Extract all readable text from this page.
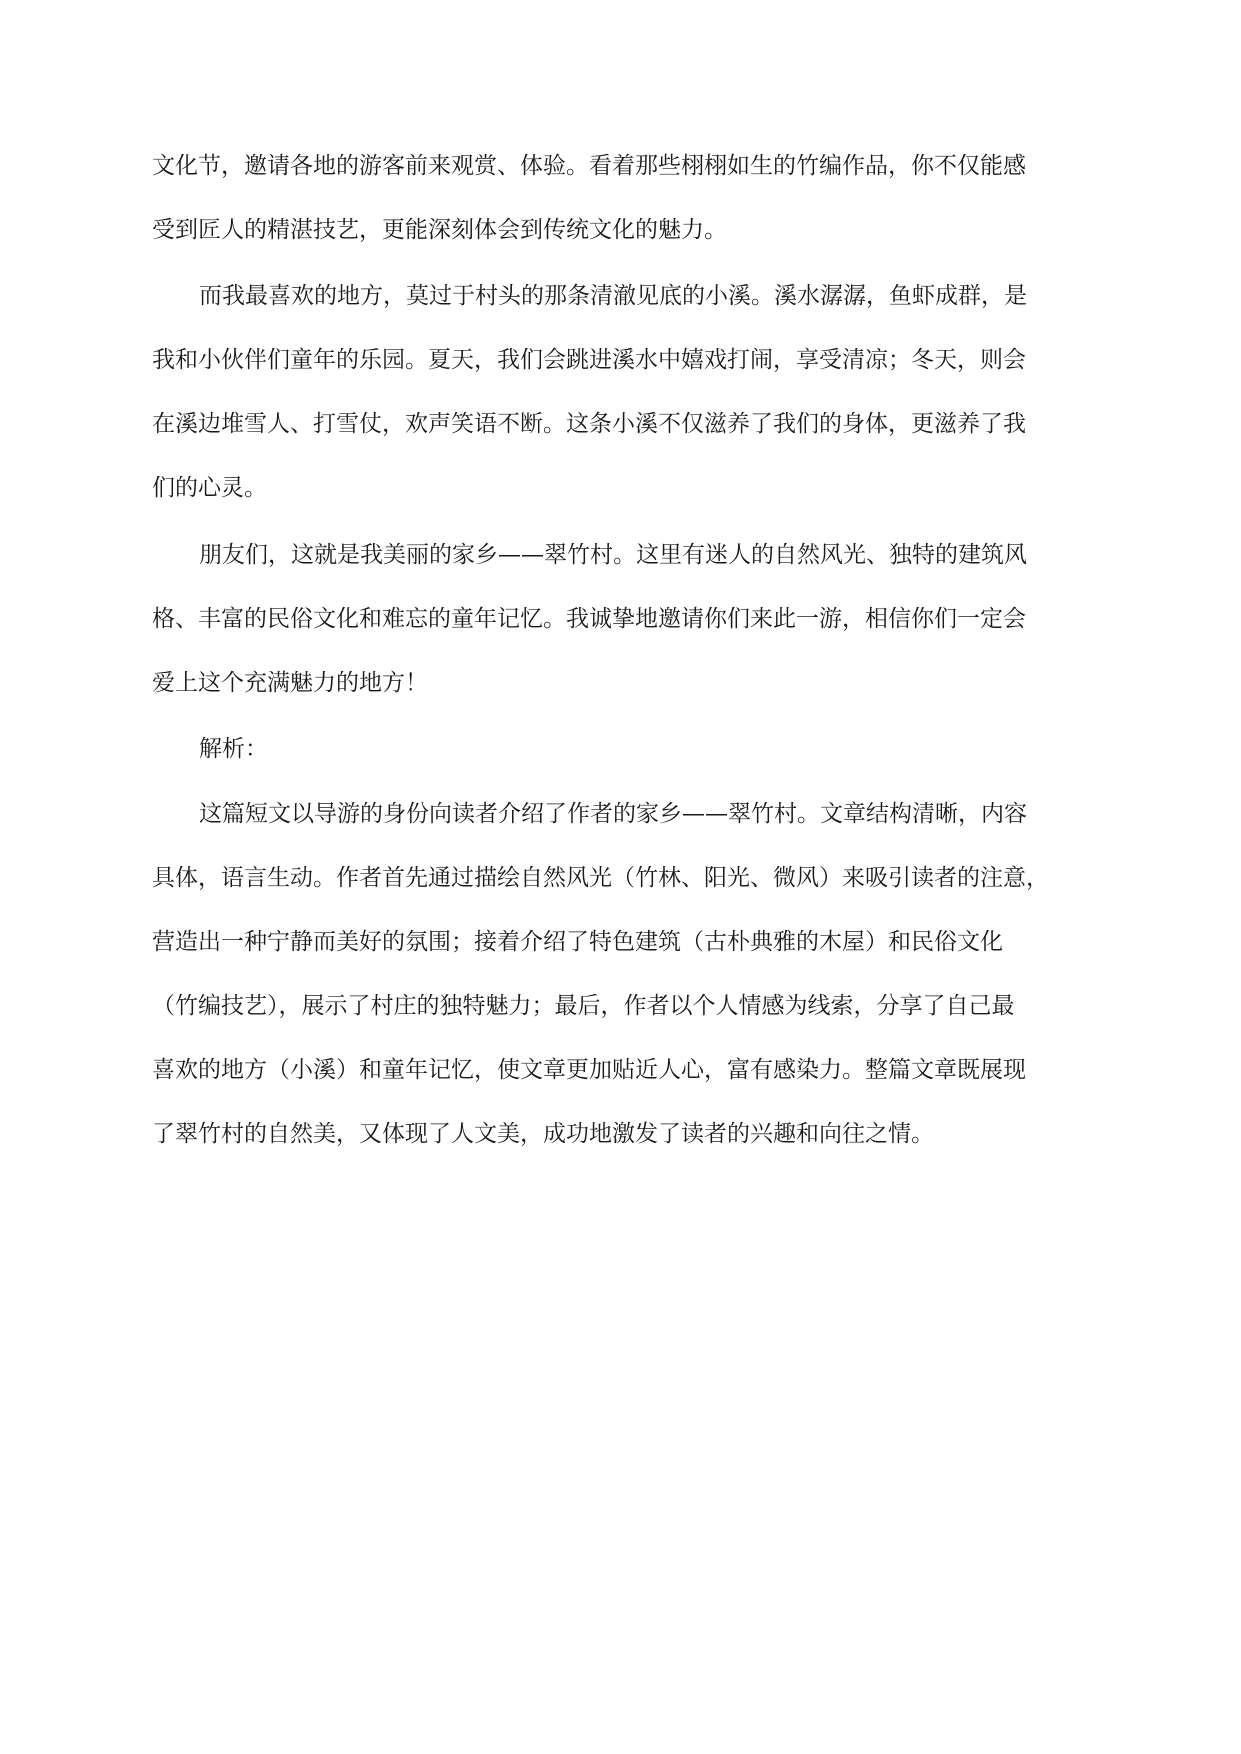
文化节，邀请各地的游客前来观赏、体验。看着那些栩栩如生的竹编作品，你不仅能感
受到匠人的精湛技艺，更能深刻体会到传统文化的魅力。
而我最喜欢的地方，莫过于村头的那条清澈见底的小溪。溪水潺潺，鱼虾成群，是
我和小伙伴们童年的乐园。夏天，我们会跳进溪水中嬉戏打闹，享受清凉；冬天，则会
在溪边堆雪人、打雪仗，欢声笑语不断。这条小溪不仅滋养了我们的身体，更滋养了我
们的心灵。
朋友们，这就是我美丽的家乡——翠竹村。这里有迷人的自然风光、独特的建筑风
格、丰富的民俗文化和难忘的童年记忆。我诚挚地邀请你们来此一游，相信你们一定会
爱上这个充满魅力的地方！
解析：
这篇短文以导游的身份向读者介绍了作者的家乡——翠竹村。文章结构清晰，内容
具体，语言生动。作者首先通过描绘自然风光（竹林、阳光、微风）来吸引读者的注意，
营造出一种宁静而美好的氛围；接着介绍了特色建筑（古朴典雅的木屋）和民俗文化
（竹编技艺），展示了村庄的独特魅力；最后，作者以个人情感为线索，分享了自己最
喜欢的地方（小溪）和童年记忆，使文章更加贴近人心，富有感染力。整篇文章既展现
了翠竹村的自然美，又体现了人文美，成功地激发了读者的兴趣和向往之情。
